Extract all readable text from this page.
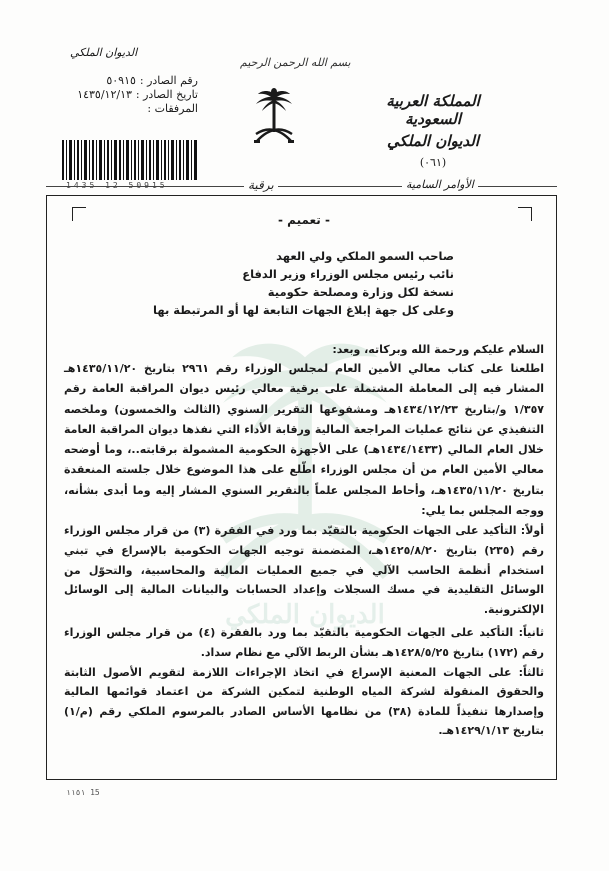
الديوان الملكي
بسم الله الرحمن الرحيم
رقم الصادر :
٥٠٩١٥
تاريخ الصادر :
١٤٣٥/١٢/١٣
المرفقات :	المملكة العربية السعودية
الديوان الملكي
(٠٦١)
برقية	الأوامر السامية
الديوان الملكي
- تعميم -
صاحب السمو الملكي ولي العهد
نائب رئيس مجلس الوزراء وزير الدفاع
نسخة لكل وزارة ومصلحة حكومية
وعلى كل جهة إبلاغ الجهات التابعة لها أو المرتبطة بها
السلام عليكم ورحمة الله وبركاته، وبعد:
اطلعنا على كتاب معالي الأمين العام لمجلس الوزراء رقم ٢٩٦١ بتاريخ ١٤٣٥/١١/٢٠هـ المشار فيه إلى المعاملة المشتملة على برقية معالي رئيس ديوان المراقبة العامة رقم ١/٣٥٧ و/بتاريخ ١٤٣٤/١٢/٢٣هـ ومشفوعها التقرير السنوي (الثالث والخمسون) وملخصه التنفيذي عن نتائج عمليات المراجعة المالية ورقابة الأداء التي نفذها ديوان المراقبة العامة خلال العام المالي (١٤٣٤/١٤٣٣هـ) على الأجهزة الحكومية المشمولة برقابته..، وما أوضحه معالي الأمين العام من أن مجلس الوزراء اطّلع على هذا الموضوع خلال جلسته المنعقدة بتاريخ ١٤٣٥/١١/٢٠هـ، وأحاط المجلس علماً بالتقرير السنوي المشار إليه وما أبدى بشأنه، ووجه المجلس بما يلي:
أولاً: التأكيد على الجهات الحكومية بالتقيّد بما ورد في الفقرة (٣) من قرار مجلس الوزراء رقم (٢٣٥) بتاريخ ١٤٢٥/٨/٢٠هـ، المتضمنة توجيه الجهات الحكومية بالإسراع في تبني استخدام أنظمة الحاسب الآلي في جميع العمليات المالية والمحاسبية، والتحوّل من الوسائل التقليدية في مسك السجلات وإعداد الحسابات والبيانات المالية إلى الوسائل الإلكترونية.
ثانياً: التأكيد على الجهات الحكومية بالتقيّد بما ورد بالفقرة (٤) من قرار مجلس الوزراء رقم (١٧٢) بتاريخ ١٤٢٨/٥/٢٥هـ بشأن الربط الآلي مع نظام سداد.
ثالثاً: على الجهات المعنية الإسراع في اتخاذ الإجراءات اللازمة لتقويم الأصول الثابتة والحقوق المنقولة لشركة المياه الوطنية لتمكين الشركة من اعتماد قوائمها المالية وإصدارها تنفيذاً للمادة (٣٨) من نظامها الأساس الصادر بالمرسوم الملكي رقم (م/١) بتاريخ ١٤٢٩/١/١٣هـ.
١١٥١ 15
